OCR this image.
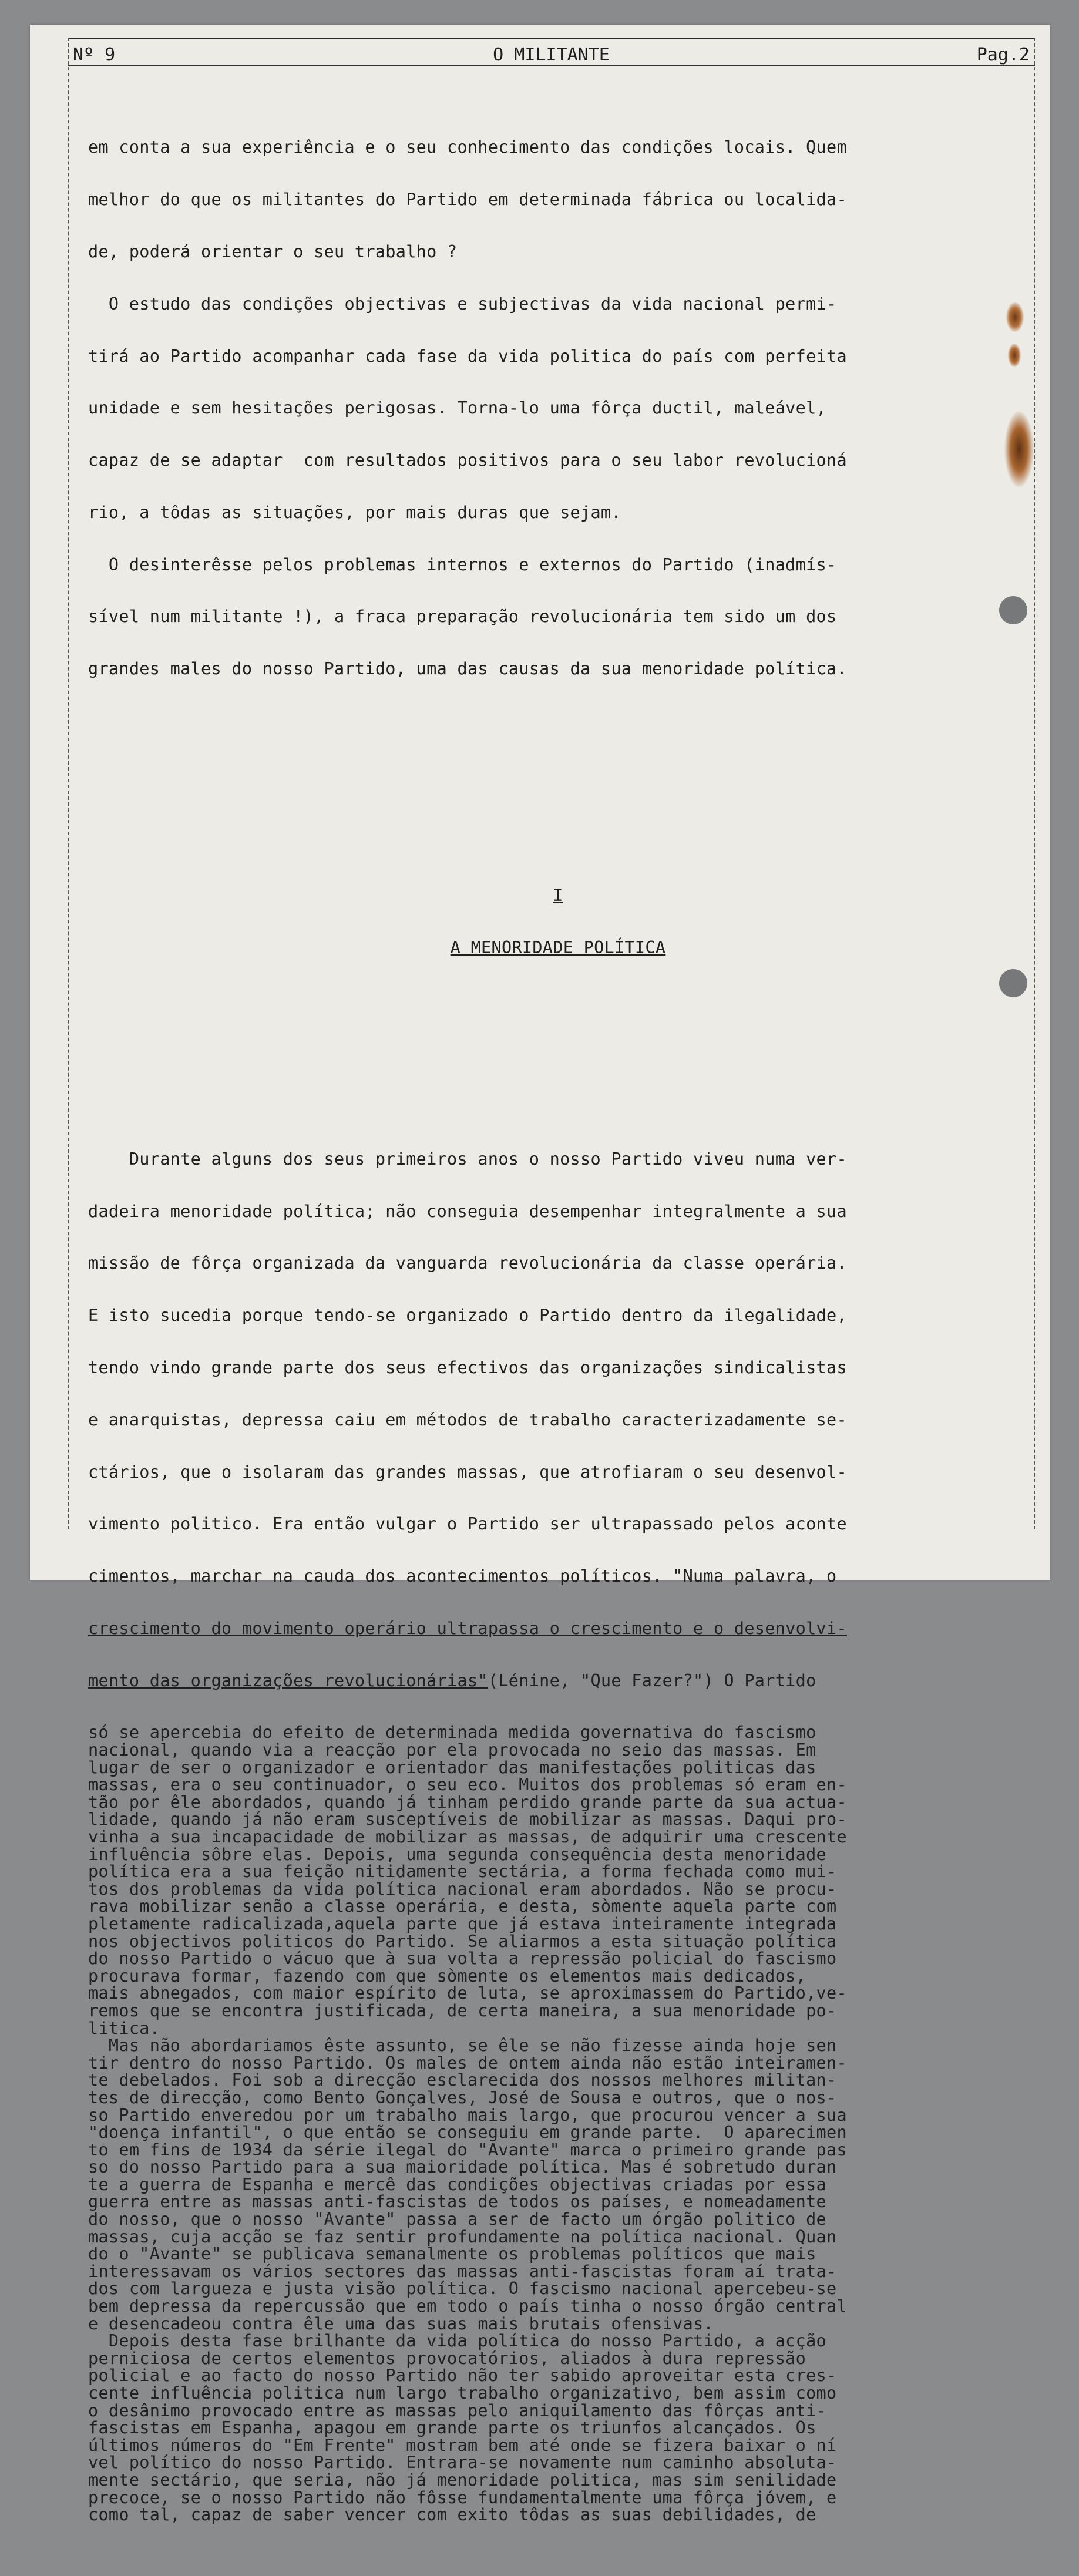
Nº 9	O MILITANTE	Pag.2

em conta a sua experiência e o seu conhecimento das condições locais. Quem

melhor do que os militantes do Partido em determinada fábrica ou localida-

de, poderá orientar o seu trabalho ?

O estudo das condições objectivas e subjectivas da vida nacional permi-

tirá ao Partido acompanhar cada fase da vida politica do país com perfeita

unidade e sem hesitações perigosas. Torna-lo uma fôrça ductil, maleável,

capaz de se adaptar  com resultados positivos para o seu labor revolucioná

rio, a tôdas as situações, por mais duras que sejam.

O desinterêsse pelos problemas internos e externos do Partido (inadmís-

sível num militante !), a fraca preparação revolucionária tem sido um dos

grandes males do nosso Partido, uma das causas da sua menoridade política.

I

A MENORIDADE POLÍTICA

Durante alguns dos seus primeiros anos o nosso Partido viveu numa ver-

dadeira menoridade política; não conseguia desempenhar integralmente a sua

missão de fôrça organizada da vanguarda revolucionária da classe operária.

E isto sucedia porque tendo-se organizado o Partido dentro da ilegalidade,

tendo vindo grande parte dos seus efectivos das organizações sindicalistas

e anarquistas, depressa caiu em métodos de trabalho caracterizadamente se-

ctários, que o isolaram das grandes massas, que atrofiaram o seu desenvol-

vimento politico. Era então vulgar o Partido ser ultrapassado pelos aconte

cimentos, marchar na cauda dos acontecimentos políticos. "Numa palavra, o

crescimento do movimento operário ultrapassa o crescimento e o desenvolvi-

mento das organizações revolucionárias"(Lénine, "Que Fazer?") O Partido

só se apercebia do efeito de determinada medida governativa do fascismo

nacional, quando via a reacção por ela provocada no seio das massas. Em

lugar de ser o organizador e orientador das manifestações politicas das

massas, era o seu continuador, o seu eco. Muitos dos problemas só eram en-

tão por êle abordados, quando já tinham perdido grande parte da sua actua-

lidade, quando já não eram susceptíveis de mobilizar as massas. Daqui pro-

vinha a sua incapacidade de mobilizar as massas, de adquirir uma crescente

influência sôbre elas. Depois, uma segunda consequência desta menoridade

política era a sua feição nitidamente sectária, a forma fechada como mui-

tos dos problemas da vida política nacional eram abordados. Não se procu-

rava mobilizar senão a classe operária, e desta, sòmente aquela parte com

pletamente radicalizada,aquela parte que já estava inteiramente integrada

nos objectivos politicos do Partido. Se aliarmos a esta situação política

do nosso Partido o vácuo que à sua volta a repressão policial do fascismo

procurava formar, fazendo com que sòmente os elementos mais dedicados,

mais abnegados, com maior espírito de luta, se aproximassem do Partido,ve-

remos que se encontra justificada, de certa maneira, a sua menoridade po-

litica.

Mas não abordariamos êste assunto, se êle se não fizesse ainda hoje sen

tir dentro do nosso Partido. Os males de ontem ainda não estão inteiramen-

te debelados. Foi sob a direcção esclarecida dos nossos melhores militan-

tes de direcção, como Bento Gonçalves, José de Sousa e outros, que o nos-

so Partido enveredou por um trabalho mais largo, que procurou vencer a sua

"doença infantil", o que então se conseguiu em grande parte.  O aparecimen

to em fins de 1934 da série ilegal do "Avante" marca o primeiro grande pas

so do nosso Partido para a sua maioridade política. Mas é sobretudo duran

te a guerra de Espanha e mercê das condições objectivas criadas por essa

guerra entre as massas anti-fascistas de todos os países, e nomeadamente

do nosso, que o nosso "Avante" passa a ser de facto um órgão politico de

massas, cuja acção se faz sentir profundamente na política nacional. Quan

do o "Avante" se publicava semanalmente os problemas políticos que mais

interessavam os vários sectores das massas anti-fascistas foram aí trata-

dos com largueza e justa visão política. O fascismo nacional apercebeu-se

bem depressa da repercussão que em todo o país tinha o nosso órgão central

e desencadeou contra êle uma das suas mais brutais ofensivas.

Depois desta fase brilhante da vida política do nosso Partido, a acção

perniciosa de certos elementos provocatórios, aliados à dura repressão

policial e ao facto do nosso Partido não ter sabido aproveitar esta cres-

cente influência politica num largo trabalho organizativo, bem assim como

o desânimo provocado entre as massas pelo aniquilamento das fôrças anti-

fascistas em Espanha, apagou em grande parte os triunfos alcançados. Os

últimos números do "Em Frente" mostram bem até onde se fizera baixar o ní

vel político do nosso Partido. Entrara-se novamente num caminho absoluta-

mente sectário, que seria, não já menoridade politica, mas sim senilidade

precoce, se o nosso Partido não fôsse fundamentalmente uma fôrça jóvem, e

como tal, capaz de saber vencer com exito tôdas as suas debilidades, de
